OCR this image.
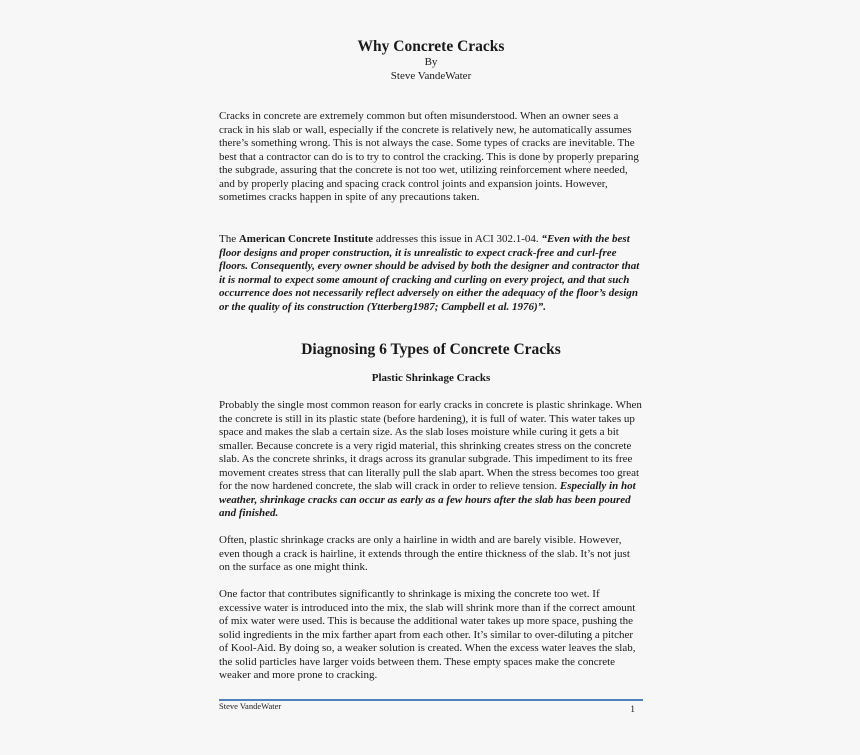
Why Concrete Cracks

By

Steve VandeWater

Cracks in concrete are extremely common but often misunderstood. When an owner sees a crack in his slab or wall, especially if the concrete is relatively new, he automatically assumes there’s something wrong. This is not always the case. Some types of cracks are inevitable. The best that a contractor can do is to try to control the cracking. This is done by properly preparing the subgrade, assuring that the concrete is not too wet, utilizing reinforcement where needed, and by properly placing and spacing crack control joints and expansion joints. However, sometimes cracks happen in spite of any precautions taken.

The American Concrete Institute addresses this issue in ACI 302.1-04. “Even with the best floor designs and proper construction, it is unrealistic to expect crack-free and curl-free floors. Consequently, every owner should be advised by both the designer and contractor that it is normal to expect some amount of cracking and curling on every project, and that such occurrence does not necessarily reflect adversely on either the adequacy of the floor’s design or the quality of its construction (Ytterberg1987; Campbell et al. 1976)”.

Diagnosing 6 Types of Concrete Cracks
Plastic Shrinkage Cracks

Probably the single most common reason for early cracks in concrete is plastic shrinkage. When the concrete is still in its plastic state (before hardening), it is full of water. This water takes up space and makes the slab a certain size. As the slab loses moisture while curing it gets a bit smaller. Because concrete is a very rigid material, this shrinking creates stress on the concrete slab. As the concrete shrinks, it drags across its granular subgrade. This impediment to its free movement creates stress that can literally pull the slab apart. When the stress becomes too great for the now hardened concrete, the slab will crack in order to relieve tension. Especially in hot weather, shrinkage cracks can occur as early as a few hours after the slab has been poured and finished.

Often, plastic shrinkage cracks are only a hairline in width and are barely visible. However, even though a crack is hairline, it extends through the entire thickness of the slab. It’s not just on the surface as one might think.

One factor that contributes significantly to shrinkage is mixing the concrete too wet. If excessive water is introduced into the mix, the slab will shrink more than if the correct amount of mix water were used. This is because the additional water takes up more space, pushing the solid ingredients in the mix farther apart from each other. It’s similar to over-diluting a pitcher of Kool-Aid. By doing so, a weaker solution is created. When the excess water leaves the slab, the solid particles have larger voids between them. These empty spaces make the concrete weaker and more prone to cracking.

Steve VandeWater	1
